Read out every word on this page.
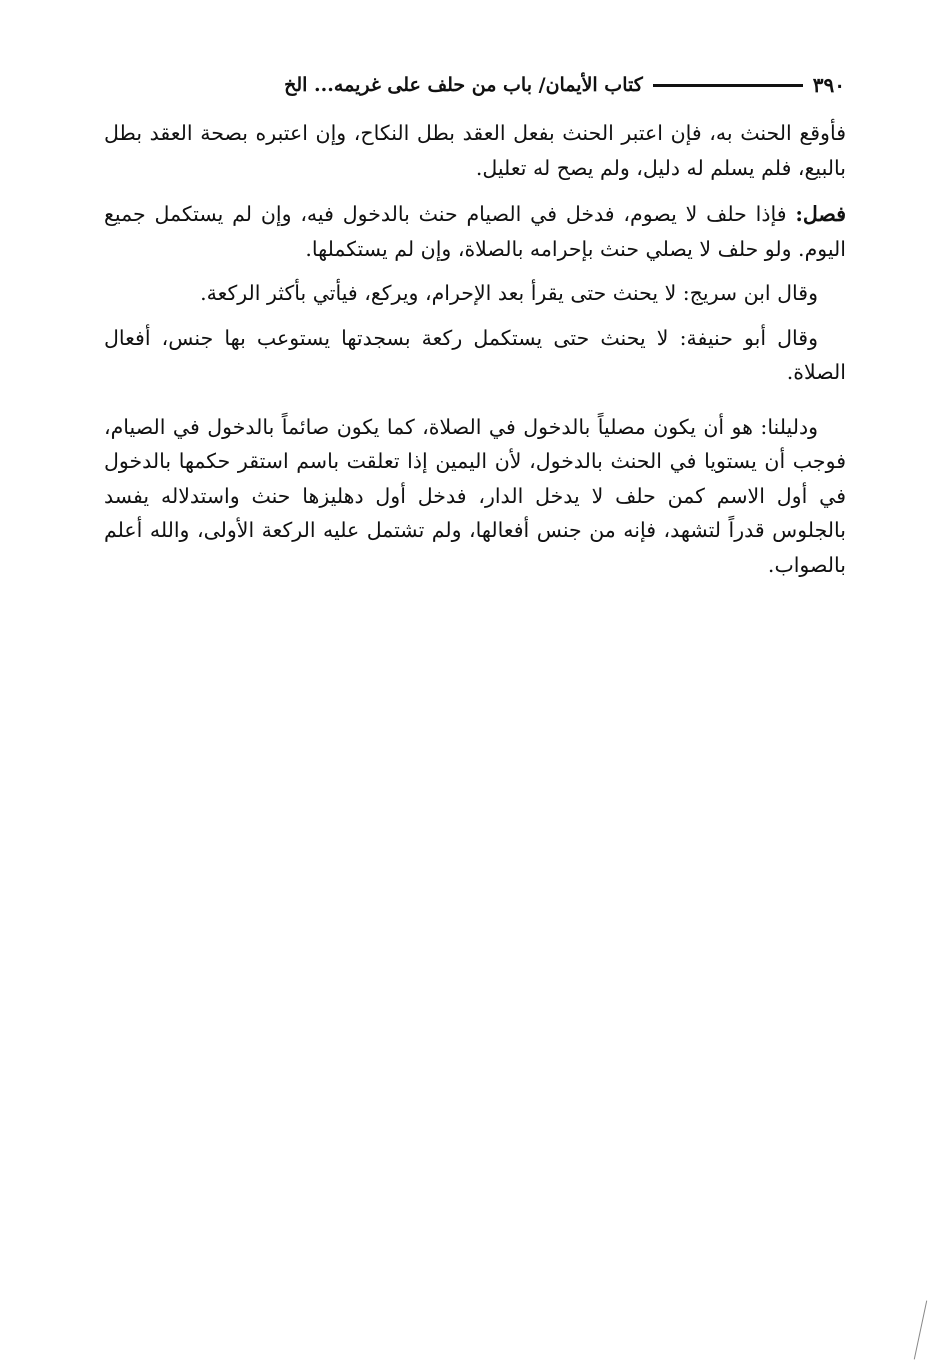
٣٩٠
كتاب الأيمان/ باب من حلف على غريمه... الخ

فأوقع الحنث به، فإن اعتبر الحنث بفعل العقد بطل النكاح، وإن اعتبره بصحة العقد بطل بالبيع، فلم يسلم له دليل، ولم يصح له تعليل.

فصل: فإذا حلف لا يصوم، فدخل في الصيام حنث بالدخول فيه، وإن لم يستكمل جميع اليوم. ولو حلف لا يصلي حنث بإحرامه بالصلاة، وإن لم يستكملها.

وقال ابن سريج: لا يحنث حتى يقرأ بعد الإحرام، ويركع، فيأتي بأكثر الركعة.

وقال أبو حنيفة: لا يحنث حتى يستكمل ركعة بسجدتها يستوعب بها جنس، أفعال الصلاة.

ودليلنا: هو أن يكون مصلياً بالدخول في الصلاة، كما يكون صائماً بالدخول في الصيام، فوجب أن يستويا في الحنث بالدخول، لأن اليمين إذا تعلقت باسم استقر حكمها بالدخول في أول الاسم كمن حلف لا يدخل الدار، فدخل أول دهليزها حنث واستدلاله يفسد بالجلوس قدراً لتشهد، فإنه من جنس أفعالها، ولم تشتمل عليه الركعة الأولى، والله أعلم بالصواب.
